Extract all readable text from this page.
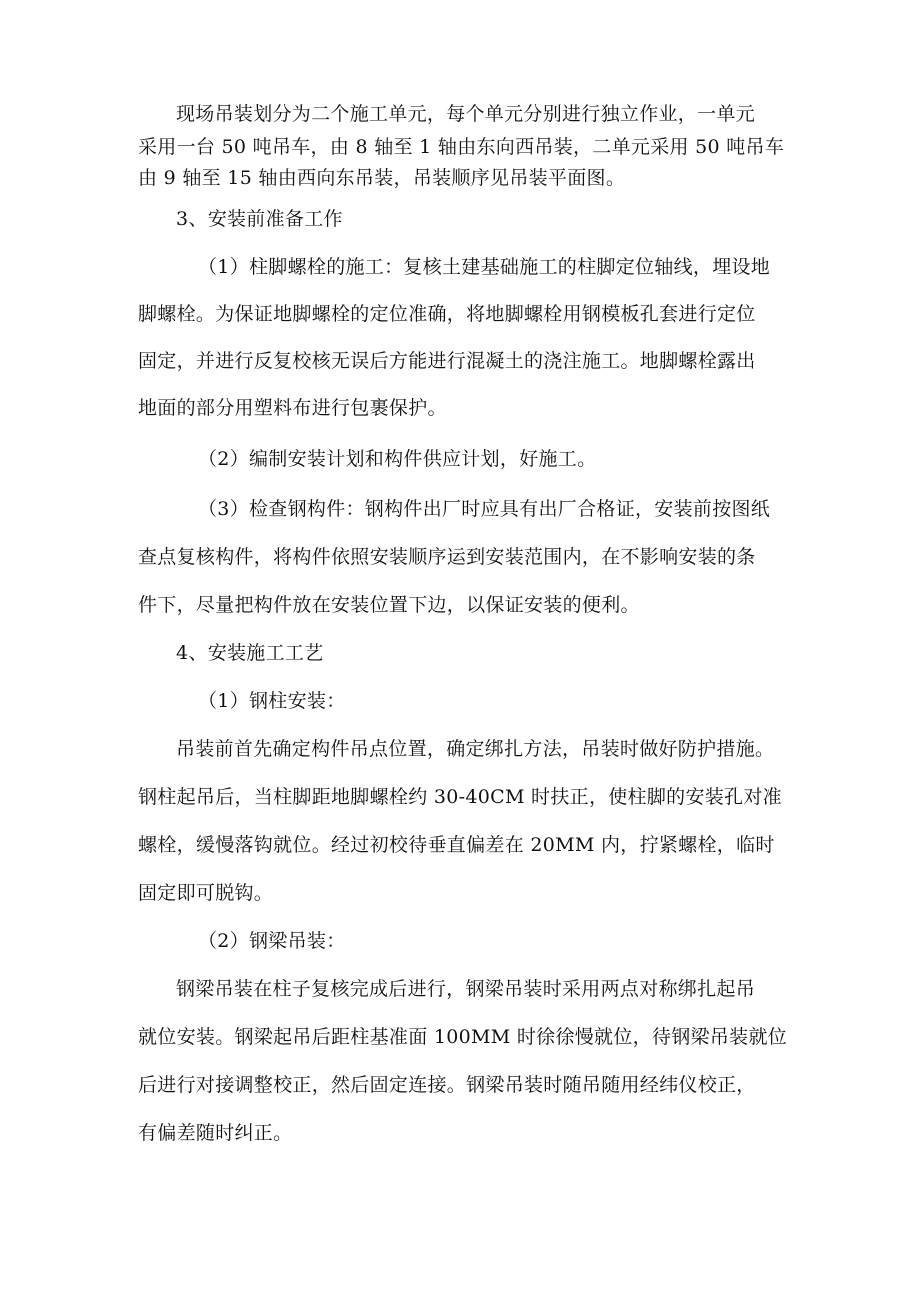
现场吊装划分为二个施工单元，每个单元分别进行独立作业，一单元
采用一台 50 吨吊车，由 8 轴至 1 轴由东向西吊装，二单元采用 50 吨吊车
由 9 轴至 15 轴由西向东吊装，吊装顺序见吊装平面图。
3、安装前准备工作
（1）柱脚螺栓的施工：复核土建基础施工的柱脚定位轴线，埋设地
脚螺栓。为保证地脚螺栓的定位准确，将地脚螺栓用钢模板孔套进行定位
固定，并进行反复校核无误后方能进行混凝土的浇注施工。地脚螺栓露出
地面的部分用塑料布进行包裹保护。
（2）编制安装计划和构件供应计划，好施工。
（3）检查钢构件：钢构件出厂时应具有出厂合格证，安装前按图纸
查点复核构件，将构件依照安装顺序运到安装范围内，在不影响安装的条
件下，尽量把构件放在安装位置下边，以保证安装的便利。
4、安装施工工艺
（1）钢柱安装：
吊装前首先确定构件吊点位置，确定绑扎方法，吊装时做好防护措施。
钢柱起吊后，当柱脚距地脚螺栓约 30-40CM 时扶正，使柱脚的安装孔对准
螺栓，缓慢落钩就位。经过初校待垂直偏差在 20MM 内，拧紧螺栓，临时
固定即可脱钩。
（2）钢梁吊装：
钢梁吊装在柱子复核完成后进行，钢梁吊装时采用两点对称绑扎起吊
就位安装。钢梁起吊后距柱基准面 100MM 时徐徐慢就位，待钢梁吊装就位
后进行对接调整校正，然后固定连接。钢梁吊装时随吊随用经纬仪校正，
有偏差随时纠正。
